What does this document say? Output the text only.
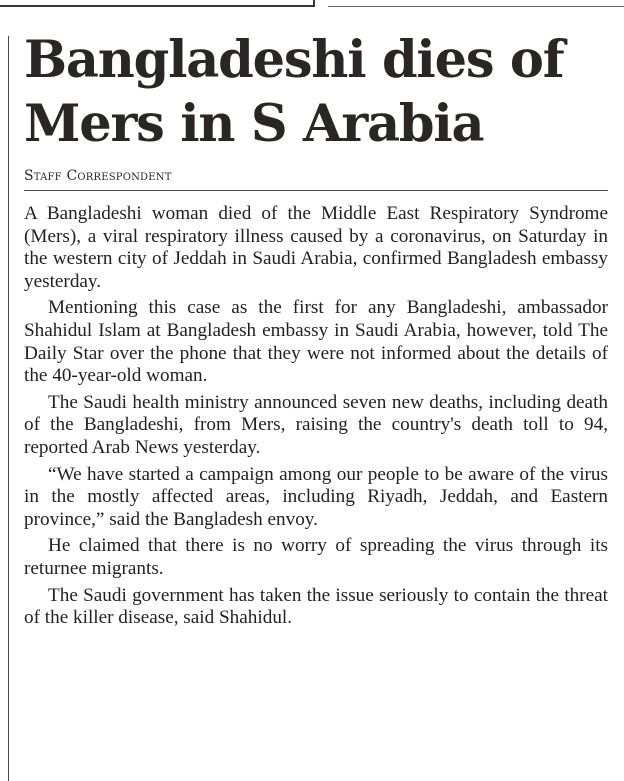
Bangladeshi dies of Mers in S Arabia
Staff Correspondent

A Bangladeshi woman died of the Middle East Respiratory Syndrome (Mers), a viral respiratory illness caused by a coronavirus, on Saturday in the western city of Jeddah in Saudi Arabia, confirmed Bangladesh embassy yesterday.

Mentioning this case as the first for any Bangladeshi, ambassador Shahidul Islam at Bangladesh embassy in Saudi Arabia, however, told The Daily Star over the phone that they were not informed about the details of the 40-year-old woman.

The Saudi health ministry announced seven new deaths, including death of the Bangladeshi, from Mers, raising the country's death toll to 94, reported Arab News yesterday.

“We have started a campaign among our people to be aware of the virus in the mostly affected areas, including Riyadh, Jeddah, and Eastern province,” said the Bangladesh envoy.

He claimed that there is no worry of spreading the virus through its returnee migrants.

The Saudi government has taken the issue seriously to contain the threat of the killer disease, said Shahidul.
